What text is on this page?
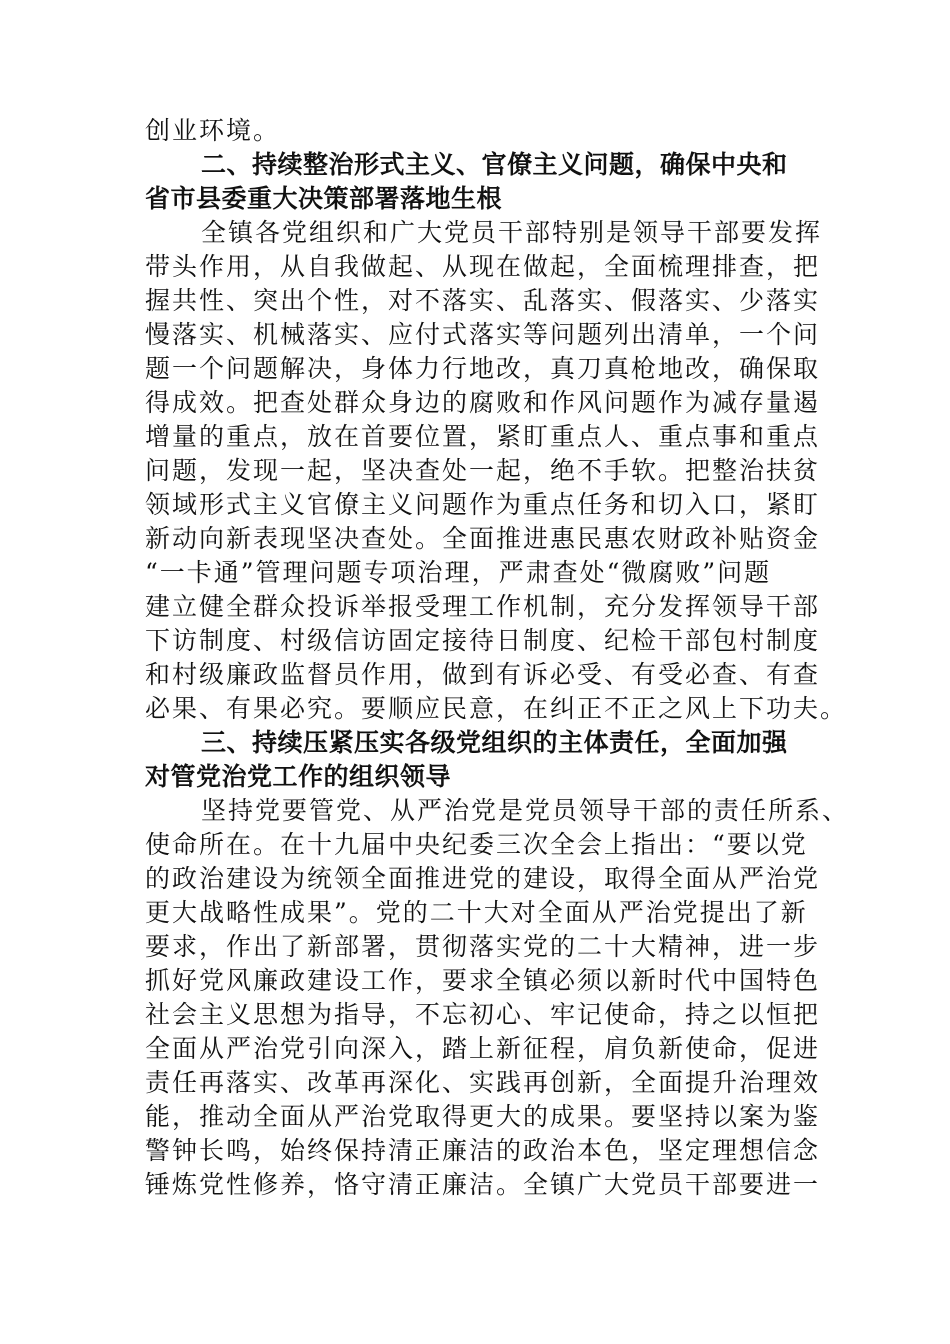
创业环境。
二、持续整治形式主义、官僚主义问题，确保中央和
省市县委重大决策部署落地生根
全镇各党组织和广大党员干部特别是领导干部要发挥
带头作用，从自我做起、从现在做起，全面梳理排查，把
握共性、突出个性，对不落实、乱落实、假落实、少落实
慢落实、机械落实、应付式落实等问题列出清单，一个问
题一个问题解决，身体力行地改，真刀真枪地改，确保取
得成效。把查处群众身边的腐败和作风问题作为减存量遏
增量的重点，放在首要位置，紧盯重点人、重点事和重点
问题，发现一起，坚决查处一起，绝不手软。把整治扶贫
领域形式主义官僚主义问题作为重点任务和切入口，紧盯
新动向新表现坚决查处。全面推进惠民惠农财政补贴资金
“一卡通”管理问题专项治理，严肃查处“微腐败”问题
建立健全群众投诉举报受理工作机制，充分发挥领导干部
下访制度、村级信访固定接待日制度、纪检干部包村制度
和村级廉政监督员作用，做到有诉必受、有受必查、有查
必果、有果必究。要顺应民意，在纠正不正之风上下功夫。
三、持续压紧压实各级党组织的主体责任，全面加强
对管党治党工作的组织领导
坚持党要管党、从严治党是党员领导干部的责任所系、
使命所在。在十九届中央纪委三次全会上指出：“要以党
的政治建设为统领全面推进党的建设，取得全面从严治党
更大战略性成果”。党的二十大对全面从严治党提出了新
要求，作出了新部署，贯彻落实党的二十大精神，进一步
抓好党风廉政建设工作，要求全镇必须以新时代中国特色
社会主义思想为指导，不忘初心、牢记使命，持之以恒把
全面从严治党引向深入，踏上新征程，肩负新使命，促进
责任再落实、改革再深化、实践再创新，全面提升治理效
能，推动全面从严治党取得更大的成果。要坚持以案为鉴
警钟长鸣，始终保持清正廉洁的政治本色，坚定理想信念
锤炼党性修养，恪守清正廉洁。全镇广大党员干部要进一
